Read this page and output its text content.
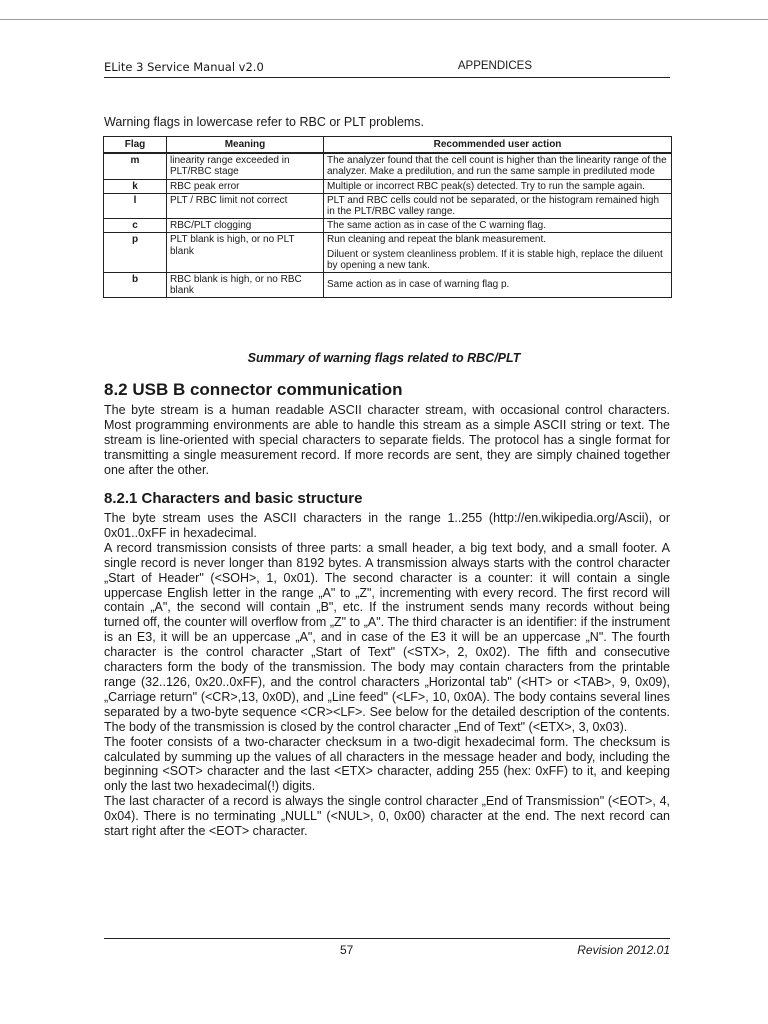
ELite 3 Service Manual v2.0	APPENDICES
Warning flags in lowercase refer to RBC or PLT problems.
Flag	Meaning	Recommended user action
m	linearity range exceeded in PLT/RBC stage	The analyzer found that the cell count is higher than the linearity range of the analyzer. Make a predilution, and run the same sample in prediluted mode

k	RBC peak error	Multiple or incorrect RBC peak(s) detected. Try to run the sample again.

l	PLT / RBC limit not correct	PLT and RBC cells could not be separated, or the histogram remained high in the PLT/RBC valley range.

c	RBC/PLT clogging	The same action as in case of the C warning flag.

p	PLT blank is high, or no PLT blank	Run cleaning and repeat the blank measurement.

Diluent or system cleanliness problem. If it is stable high, replace the diluent by opening a new tank.

b	RBC blank is high, or no RBC blank	Same action as in case of warning flag p.

Summary of warning flags related to RBC/PLT
8.2 USB B connector communication

The byte stream is a human readable ASCII character stream, with occasional control characters. Most programming environments are able to handle this stream as a simple ASCII string or text. The stream is line-oriented with special characters to separate fields. The protocol has a single format for transmitting a single measurement record. If more records are sent, they are simply chained together one after the other.

8.2.1 Characters and basic structure
The byte stream uses the ASCII characters in the range 1..255 (http://en.wikipedia.org/Ascii), or 0x01..0xFF in hexadecimal.
A record transmission consists of three parts: a small header, a big text body, and a small footer. A single record is never longer than 8192 bytes. A transmission always starts with the control character „Start of Header" (<SOH>, 1, 0x01). The second character is a counter: it will contain a single uppercase English letter in the range „A" to „Z", incrementing with every record. The first record will contain „A", the second will contain „B", etc. If the instrument sends many records without being turned off, the counter will overflow from „Z" to „A". The third character is an identifier: if the instrument is an E3, it will be an uppercase „A", and in case of the E3 it will be an uppercase „N". The fourth character is the control character „Start of Text" (<STX>, 2, 0x02). The fifth and consecutive characters form the body of the transmission. The body may contain characters from the printable range (32..126, 0x20..0xFF), and the control characters „Horizontal tab" (<HT> or <TAB>, 9, 0x09), „Carriage return" (<CR>,13, 0x0D), and „Line feed" (<LF>, 10, 0x0A). The body contains several lines separated by a two-byte sequence <CR><LF>. See below for the detailed description of the contents. The body of the transmission is closed by the control character „End of Text" (<ETX>, 3, 0x03).
The footer consists of a two-character checksum in a two-digit hexadecimal form. The checksum is calculated by summing up the values of all characters in the message header and body, including the beginning <SOT> character and the last <ETX> character, adding 255 (hex: 0xFF) to it, and keeping only the last two hexadecimal(!) digits.
The last character of a record is always the single control character „End of Transmission" (<EOT>, 4, 0x04). There is no terminating „NULL" (<NUL>, 0, 0x00) character at the end. The next record can start right after the <EOT> character.
57	Revision 2012.01
